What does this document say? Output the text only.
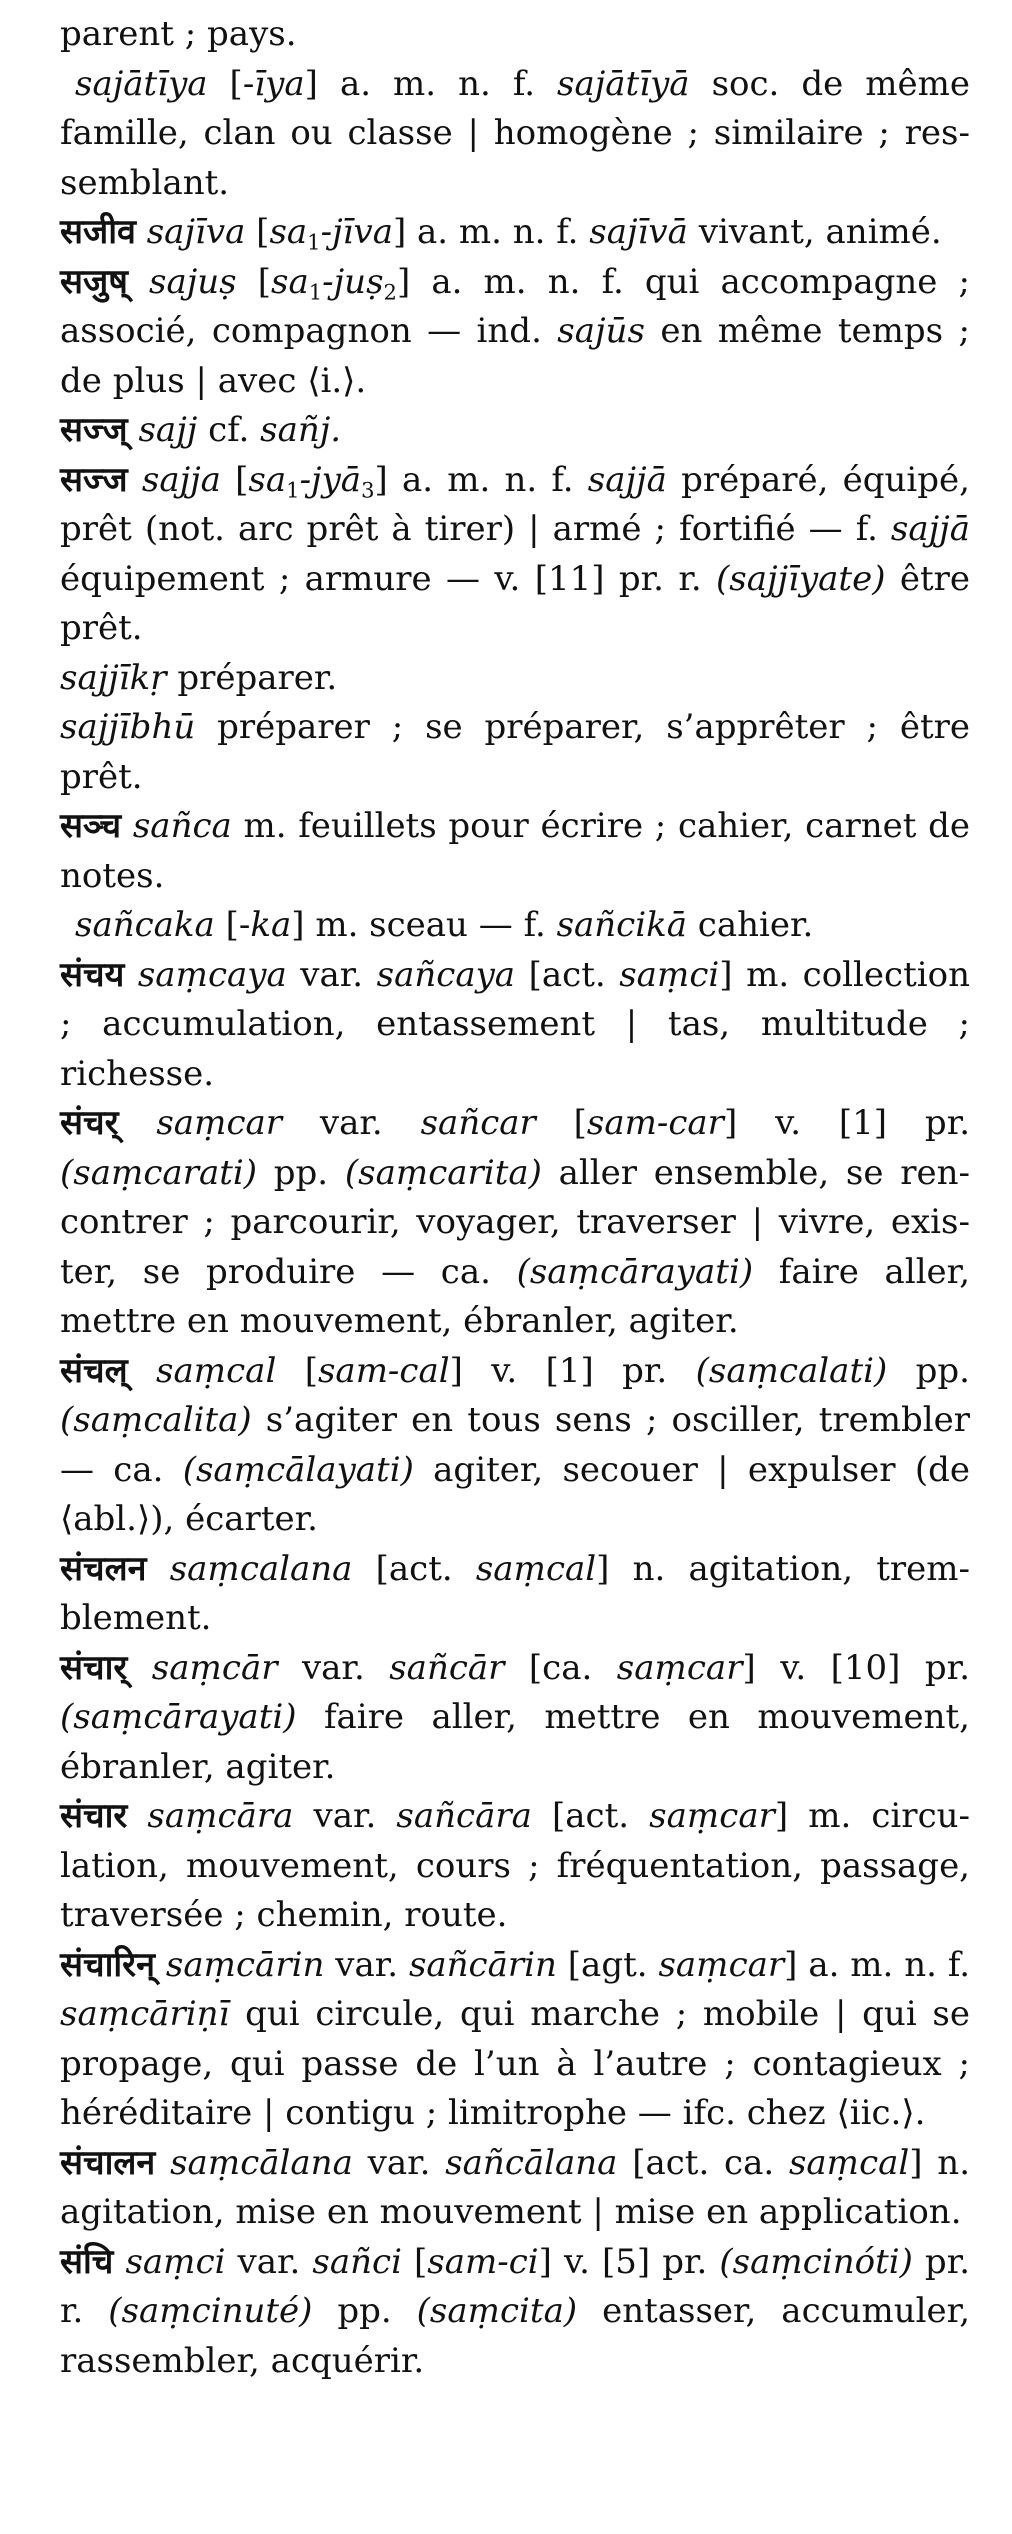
parent ; pays.

sajātīya [-īya] a. m. n. f. sajātīyā soc. de même famille, clan ou classe | homogène ; similaire ; ressemblant.

सजीव sajīva $[sa_1-jīva]$ a. m. n. f. sajīvā vivant, animé.

सजुष् sajuṣ $[sa_1-juṣ_2]$ a. m. n. f. qui accompagne ; associé, compagnon — ind. sajūs en même temps ; de plus | avec ⟨i.⟩.

सज्ज् sajj cf. sañj.

सज्ज sajja $[sa_1-jyā_3]$ a. m. n. f. sajjā préparé, équipé, prêt (not. arc prêt à tirer) | armé ; fortifié — f. sajjā équipement ; armure — v. [11] pr. r. (sajjīyate) être prêt.

sajjīkṛ préparer.

sajjībhū préparer ; se préparer, s’apprêter ; être prêt.

सञ्च sañca m. feuillets pour écrire ; cahier, carnet de notes.

sañcaka [-ka] m. sceau — f. sañcikā cahier.

संचय saṃcaya var. sañcaya [act. saṃci] m. collection ; accumulation, entassement | tas, multitude ; richesse.

संचर् saṃcar var. sañcar [sam-car] v. [1] pr. (saṃcarati) pp. (saṃcarita) aller ensemble, se rencontrer ; parcourir, voyager, traverser | vivre, exister, se produire — ca. (saṃcārayati) faire aller, mettre en mouvement, ébranler, agiter.

संचल् saṃcal [sam-cal] v. [1] pr. (saṃcalati) pp. (saṃcalita) s’agiter en tous sens ; osciller, trembler — ca. (saṃcālayati) agiter, secouer | expulser (de ⟨abl.⟩), écarter.

संचलन saṃcalana [act. saṃcal] n. agitation, tremblement.

संचार् saṃcār var. sañcār [ca. saṃcar] v. [10] pr. (saṃcārayati) faire aller, mettre en mouvement, ébranler, agiter.

संचार saṃcāra var. sañcāra [act. saṃcar] m. circulation, mouvement, cours ; fréquentation, passage, traversée ; chemin, route.

संचारिन् saṃcārin var. sañcārin [agt. saṃcar] a. m. n. f. saṃcāriṇī qui circule, qui marche ; mobile | qui se propage, qui passe de l’un à l’autre ; contagieux ; héréditaire | contigu ; limitrophe — ifc. chez ⟨iic.⟩.

संचालन saṃcālana var. sañcālana [act. ca. saṃcal] n. agitation, mise en mouvement | mise en application.

संचि saṃci var. sañci [sam-ci] v. [5] pr. (saṃcinóti) pr. r. (saṃcinuté) pp. (saṃcita) entasser, accumuler, rassembler, acquérir.
